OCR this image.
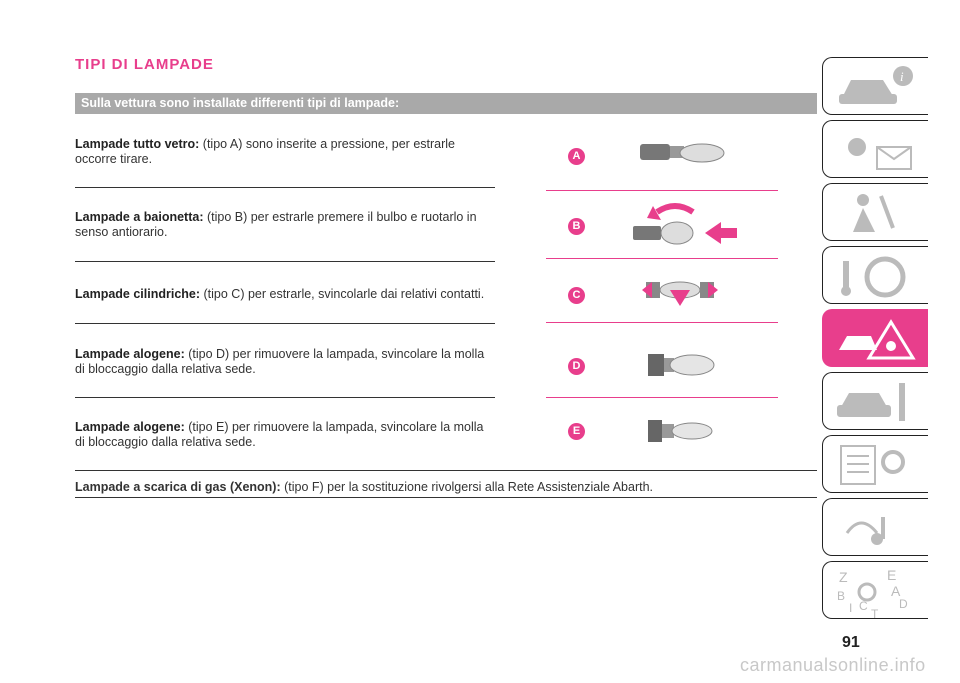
TIPI DI LAMPADE
Sulla vettura sono installate differenti tipi di lampade:
Lampade tutto vetro: (tipo A) sono inserite a pressione, per estrarle occorre tirare.
Lampade a baionetta: (tipo B) per estrarle premere il bulbo e ruotarlo in senso antiorario.
Lampade cilindriche: (tipo C) per estrarle, svincolarle dai relativi contatti.
Lampade alogene: (tipo D) per rimuovere la lampada, svincolare la molla di bloccaggio dalla relativa sede.
Lampade alogene: (tipo E) per rimuovere la lampada, svincolare la molla di bloccaggio dalla relativa sede.
Lampade a scarica di gas (Xenon): (tipo F) per la sostituzione rivolgersi alla Rete Assistenziale Abarth.
A
B
C
D
E
i
Z	E
A
B
D
I C
T
91
carmanualsonline.info
